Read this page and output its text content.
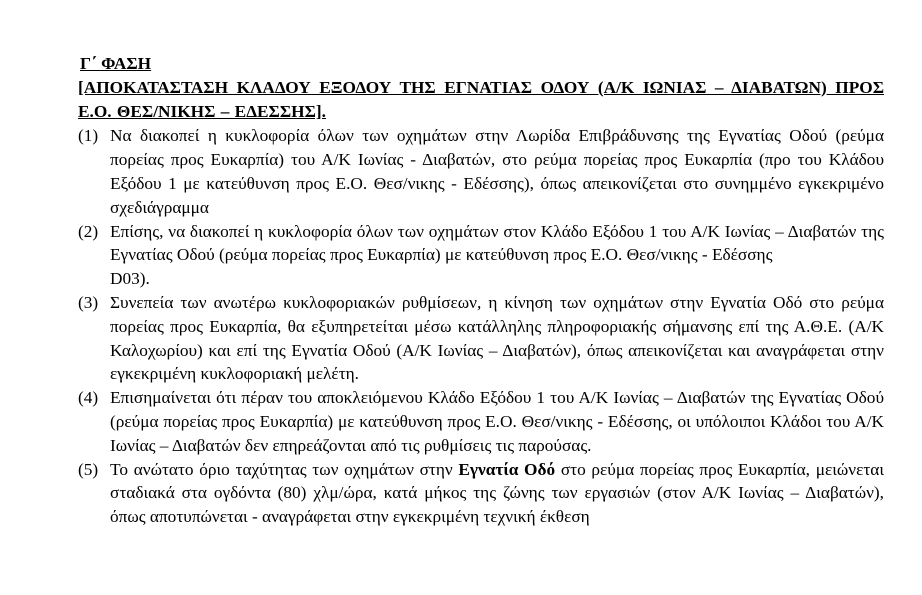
Γ΄ ΦΑΣΗ
[ΑΠΟΚΑΤΑΣΤΑΣΗ ΚΛΑΔΟΥ ΕΞΟΔΟΥ ΤΗΣ ΕΓΝΑΤΙΑΣ ΟΔΟΥ (Α/Κ ΙΩΝΙΑΣ – ΔΙΑΒΑΤΩΝ) ΠΡΟΣ Ε.Ο. ΘΕΣ/ΝΙΚΗΣ – ΕΔΕΣΣΗΣ].
(1) Να διακοπεί η κυκλοφορία όλων των οχημάτων στην Λωρίδα Επιβράδυνσης της Εγνατίας Οδού (ρεύμα πορείας προς Ευκαρπία) του Α/Κ Ιωνίας - Διαβατών, στο ρεύμα πορείας προς Ευκαρπία (προ του Κλάδου Εξόδου 1 με κατεύθυνση προς Ε.Ο. Θεσ/νικης - Εδέσσης), όπως απεικονίζεται στο συνημμένο εγκεκριμένο σχεδιάγραμμα

(2) Επίσης, να διακοπεί η κυκλοφορία όλων των οχημάτων στον Κλάδο Εξόδου 1 του Α/Κ Ιωνίας – Διαβατών της Εγνατίας Οδού (ρεύμα πορείας προς Ευκαρπία) με κατεύθυνση προς Ε.Ο. Θεσ/νικης - Εδέσσης

D03).

(3) Συνεπεία των ανωτέρω κυκλοφοριακών ρυθμίσεων, η κίνηση των οχημάτων στην Εγνατία Οδό στο ρεύμα πορείας προς Ευκαρπία, θα εξυπηρετείται μέσω κατάλληλης πληροφοριακής σήμανσης επί της Α.Θ.Ε. (Α/Κ Καλοχωρίου) και επί της Εγνατία Οδού (Α/Κ Ιωνίας – Διαβατών), όπως απεικονίζεται και αναγράφεται στην εγκεκριμένη κυκλοφοριακή μελέτη.

(4) Επισημαίνεται ότι πέραν του αποκλειόμενου Κλάδο Εξόδου 1 του Α/Κ Ιωνίας – Διαβατών της Εγνατίας Οδού (ρεύμα πορείας προς Ευκαρπία) με κατεύθυνση προς Ε.Ο. Θεσ/νικης - Εδέσσης, οι υπόλοιποι Κλάδοι του Α/Κ Ιωνίας – Διαβατών δεν επηρεάζονται από τις ρυθμίσεις τις παρούσας.

(5) Το ανώτατο όριο ταχύτητας των οχημάτων στην Εγνατία Οδό στο ρεύμα πορείας προς Ευκαρπία, μειώνεται σταδιακά στα ογδόντα (80) χλμ/ώρα, κατά μήκος της ζώνης των εργασιών (στον Α/Κ Ιωνίας – Διαβατών), όπως αποτυπώνεται - αναγράφεται στην εγκεκριμένη τεχνική έκθεση
